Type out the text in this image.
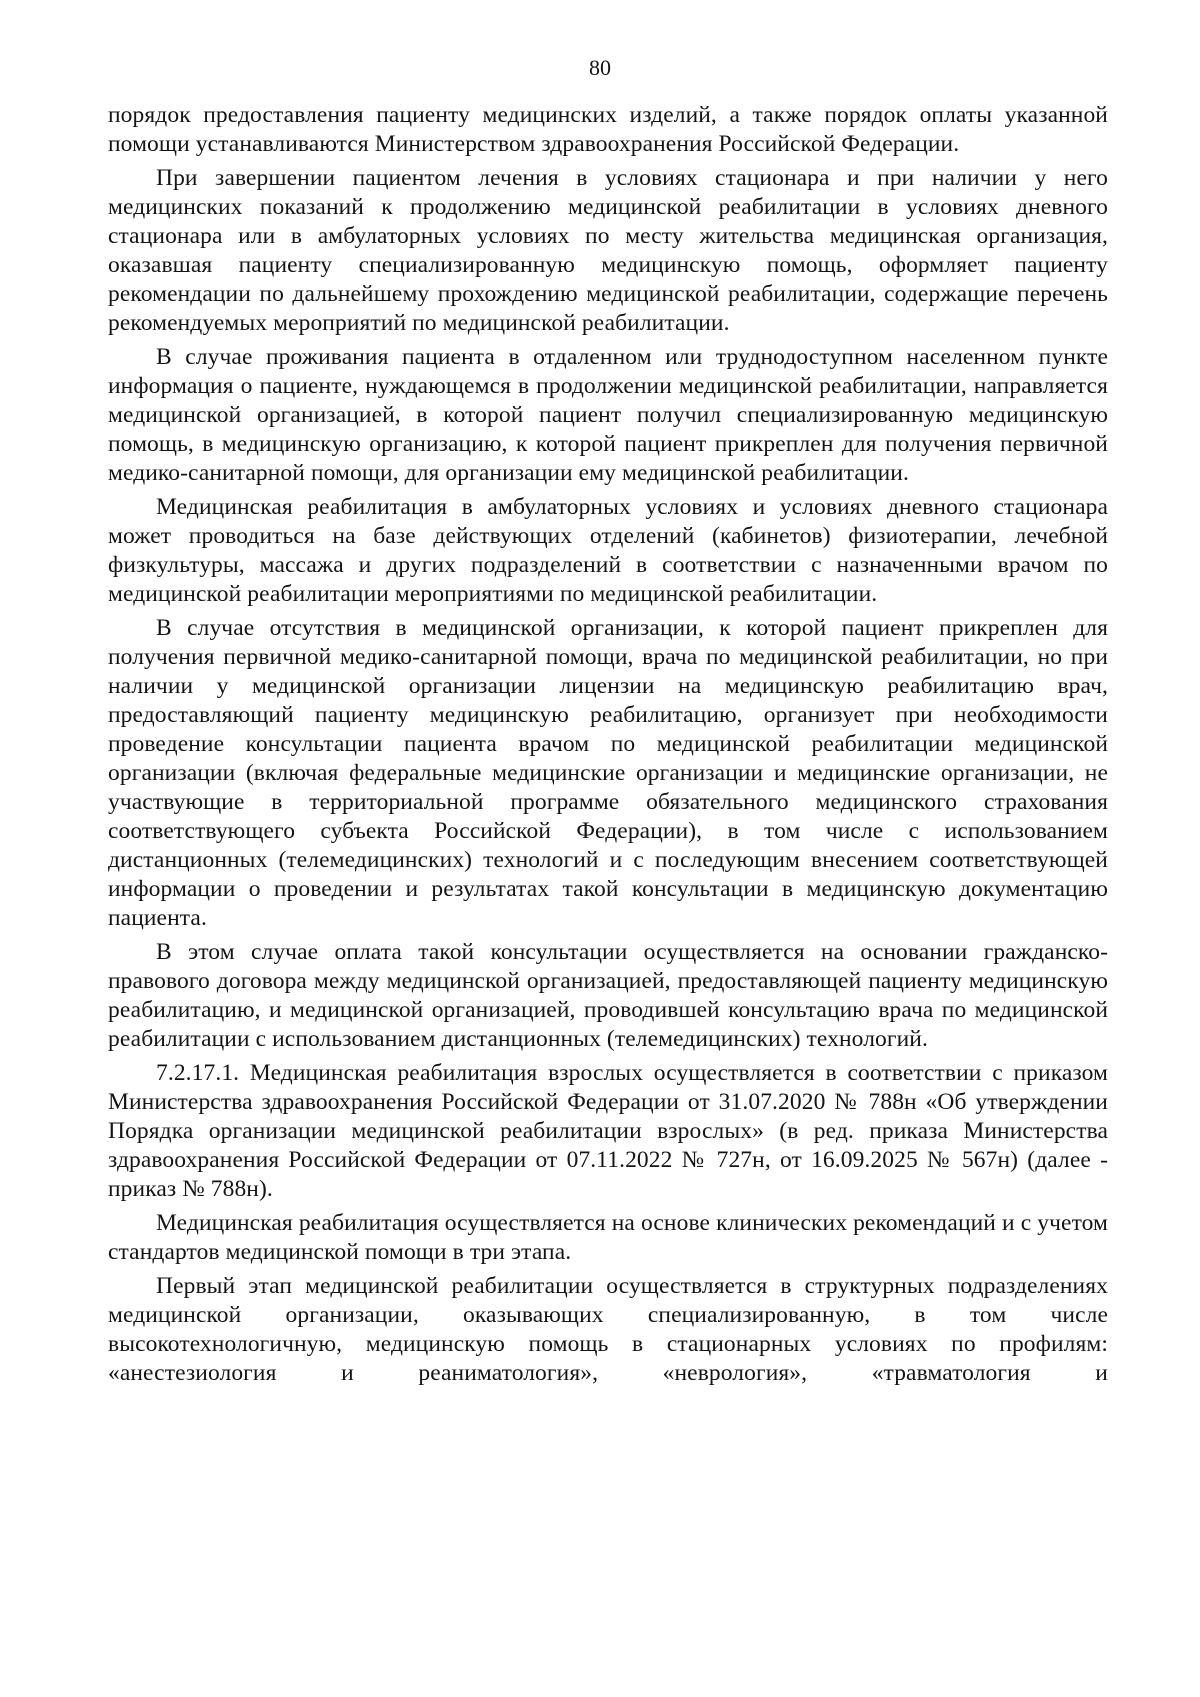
80

порядок предоставления пациенту медицинских изделий, а также порядок оплаты указанной помощи устанавливаются Министерством здравоохранения Российской Федерации.

При завершении пациентом лечения в условиях стационара и при наличии у него медицинских показаний к продолжению медицинской реабилитации в условиях дневного стационара или в амбулаторных условиях по месту жительства медицинская организация, оказавшая пациенту специализированную медицинскую помощь, оформляет пациенту рекомендации по дальнейшему прохождению медицинской реабилитации, содержащие перечень рекомендуемых мероприятий по медицинской реабилитации.

В случае проживания пациента в отдаленном или труднодоступном населенном пункте информация о пациенте, нуждающемся в продолжении медицинской реабилитации, направляется медицинской организацией, в которой пациент получил специализированную медицинскую помощь, в медицинскую организацию, к которой пациент прикреплен для получения первичной медико-санитарной помощи, для организации ему медицинской реабилитации.

Медицинская реабилитация в амбулаторных условиях и условиях дневного стационара может проводиться на базе действующих отделений (кабинетов) физиотерапии, лечебной физкультуры, массажа и других подразделений в соответствии с назначенными врачом по медицинской реабилитации мероприятиями по медицинской реабилитации.

В случае отсутствия в медицинской организации, к которой пациент прикреплен для получения первичной медико-санитарной помощи, врача по медицинской реабилитации, но при наличии у медицинской организации лицензии на медицинскую реабилитацию врач, предоставляющий пациенту медицинскую реабилитацию, организует при необходимости проведение консультации пациента врачом по медицинской реабилитации медицинской организации (включая федеральные медицинские организации и медицинские организации, не участвующие в территориальной программе обязательного медицинского страхования соответствующего субъекта Российской Федерации), в том числе с использованием дистанционных (телемедицинских) технологий и с последующим внесением соответствующей информации о проведении и результатах такой консультации в медицинскую документацию пациента.

В этом случае оплата такой консультации осуществляется на основании гражданско-правового договора между медицинской организацией, предоставляющей пациенту медицинскую реабилитацию, и медицинской организацией, проводившей консультацию врача по медицинской реабилитации с использованием дистанционных (телемедицинских) технологий.

7.2.17.1. Медицинская реабилитация взрослых осуществляется в соответствии с приказом Министерства здравоохранения Российской Федерации от 31.07.2020 № 788н «Об утверждении Порядка организации медицинской реабилитации взрослых» (в ред. приказа Министерства здравоохранения Российской Федерации от 07.11.2022 № 727н, от 16.09.2025 № 567н) (далее - приказ № 788н).

Медицинская реабилитация осуществляется на основе клинических рекомендаций и с учетом стандартов медицинской помощи в три этапа.

Первый этап медицинской реабилитации осуществляется в структурных подразделениях медицинской организации, оказывающих специализированную, в том числе высокотехнологичную, медицинскую помощь в стационарных условиях по профилям: «анестезиология и реаниматология», «неврология», «травматология и
